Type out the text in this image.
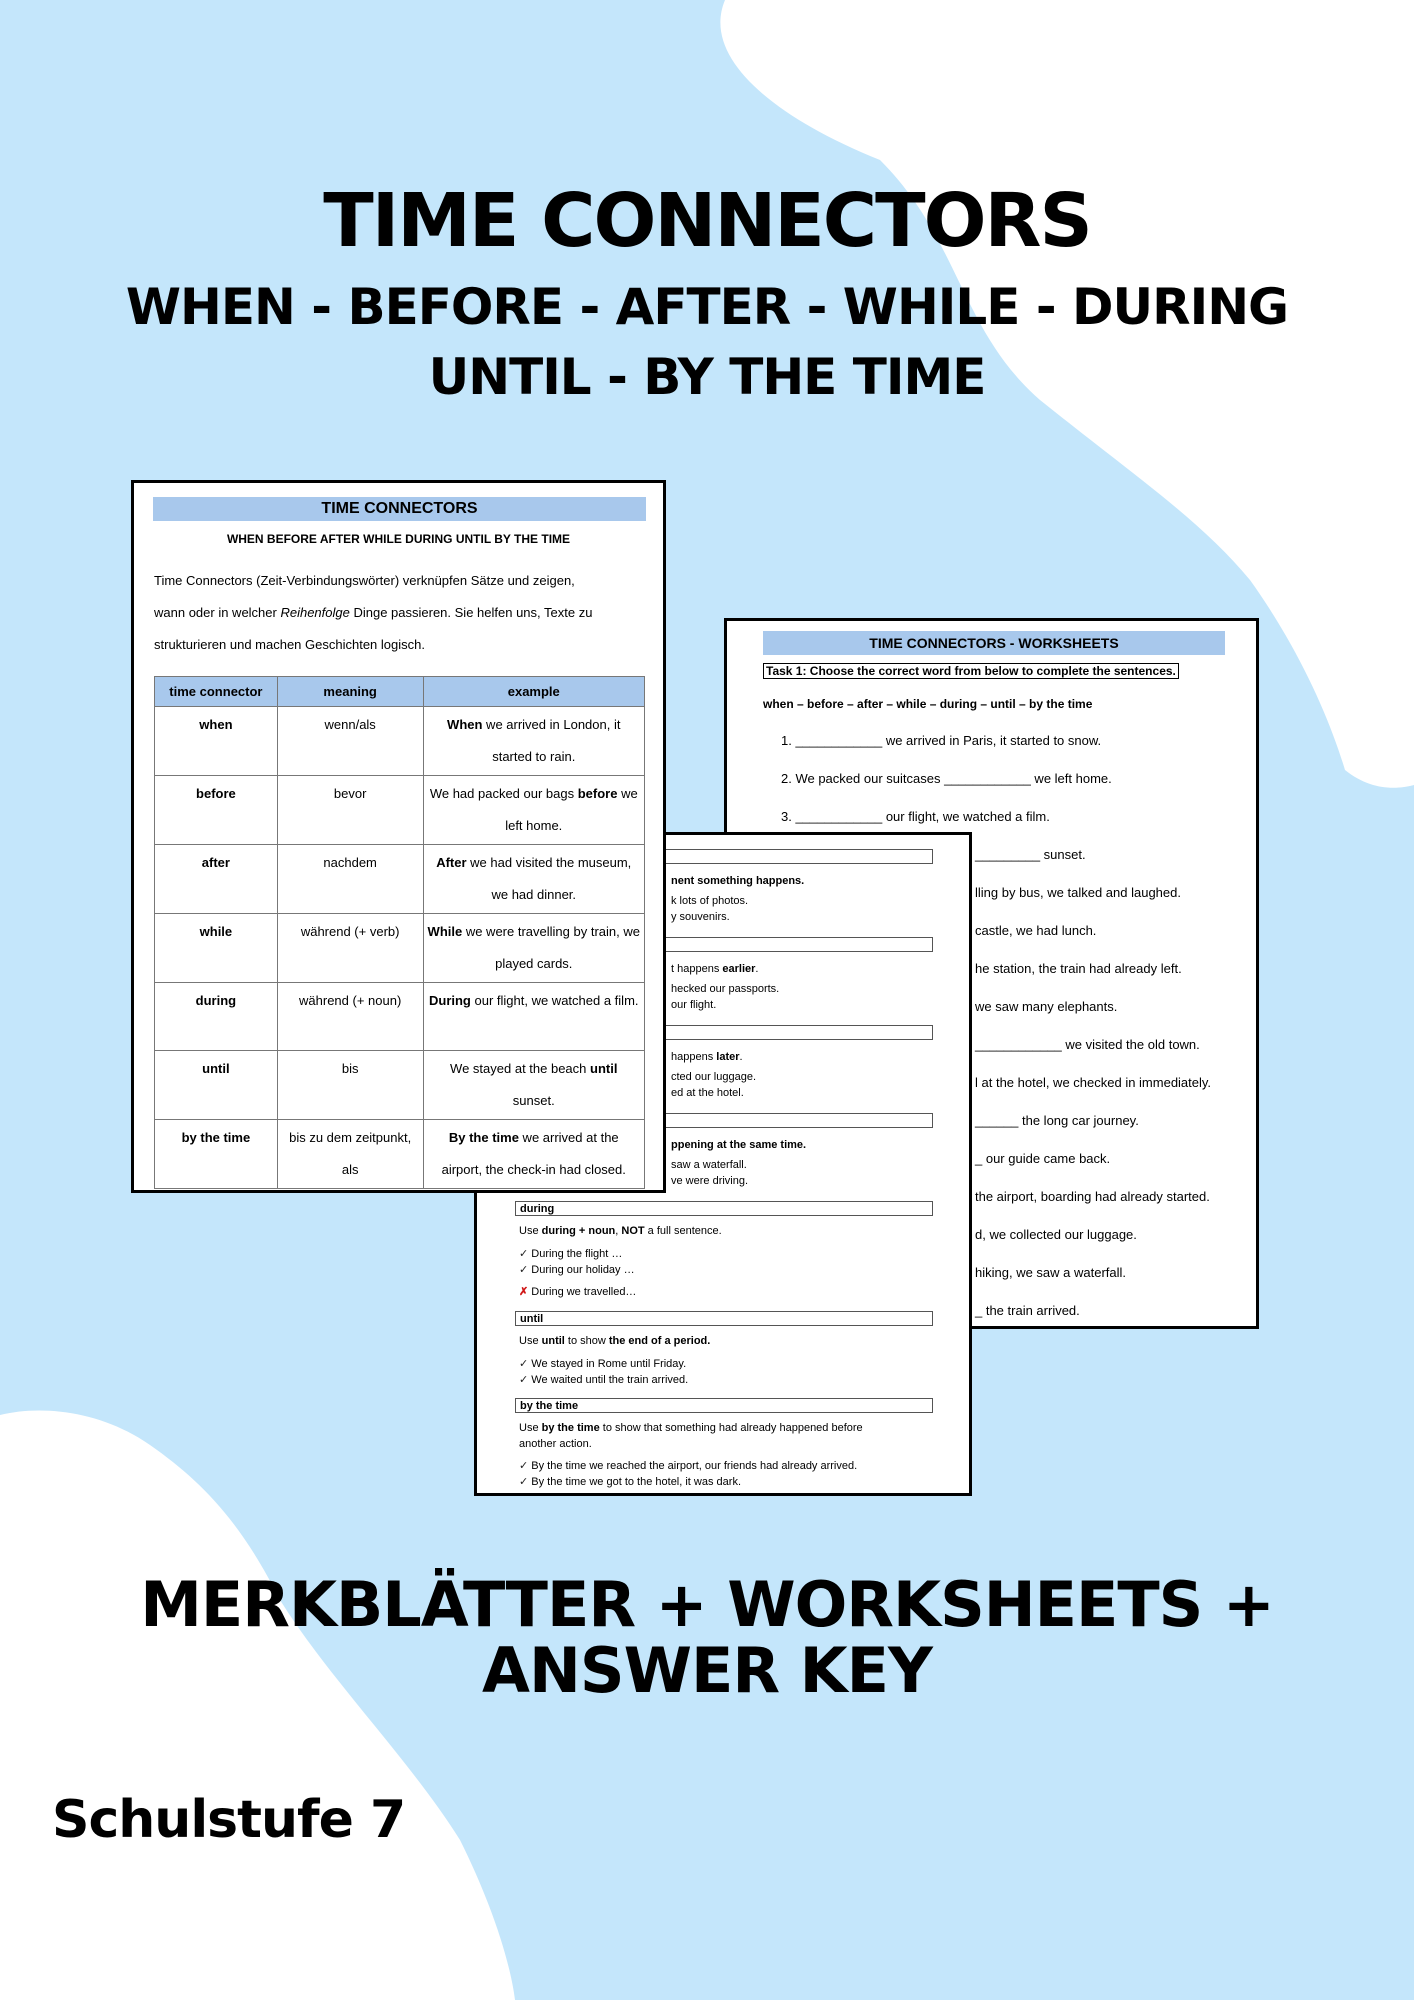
TIME CONNECTORS
WHEN - BEFORE - AFTER - WHILE - DURING
UNTIL - BY THE TIME
TIME CONNECTORS - WORKSHEETS
Task 1: Choose the correct word from below to complete the sentences.
when – before – after – while – during – until – by the time
1. ____________ we arrived in Paris, it started to snow.
2. We packed our suitcases ____________ we left home.
3. ____________ our flight, we watched a film.
_________ sunset.
lling by bus, we talked and laughed.
castle, we had lunch.
he station, the train had already left.
we saw many elephants.
____________ we visited the old town.
l at the hotel, we checked in immediately.
______ the long car journey.
_ our guide came back.
the airport, boarding had already started.
d, we collected our luggage.
hiking, we saw a waterfall.
_ the train arrived.
nent something happens.
k lots of photos.
y souvenirs.
t happens earlier.
hecked our passports.
our flight.
happens later.
cted our luggage.
ed at the hotel.
ppening at the same time.
saw a waterfall.
ve were driving.
during
Use during + noun, NOT a full sentence.
✓ During the flight …
✓ During our holiday …
✗ During we travelled…
until
Use until to show the end of a period.
✓ We stayed in Rome until Friday.
✓ We waited until the train arrived.
by the time
Use by the time to show that something had already happened before
another action.
✓ By the time we reached the airport, our friends had already arrived.
✓ By the time we got to the hotel, it was dark.
TIME CONNECTORS
WHEN BEFORE AFTER WHILE DURING UNTIL BY THE TIME
Time Connectors (Zeit-Verbindungswörter) verknüpfen Sätze und zeigen,
wann oder in welcher Reihenfolge Dinge passieren. Sie helfen uns, Texte zu
strukturieren und machen Geschichten logisch.
time connector	meaning	example
when	wenn/als	When we arrived in London, it started to rain.
before	bevor	We had packed our bags before we left home.
after	nachdem	After we had visited the museum, we had dinner.
while	während (+ verb)	While we were travelling by train, we played cards.
during	während (+ noun)	During our flight, we watched a film.
until	bis	We stayed at the beach until sunset.
by the time	bis zu dem zeitpunkt, als	By the time we arrived at the airport, the check-in had closed.
MERKBLÄTTER + WORKSHEETS +
ANSWER KEY
Schulstufe 7
